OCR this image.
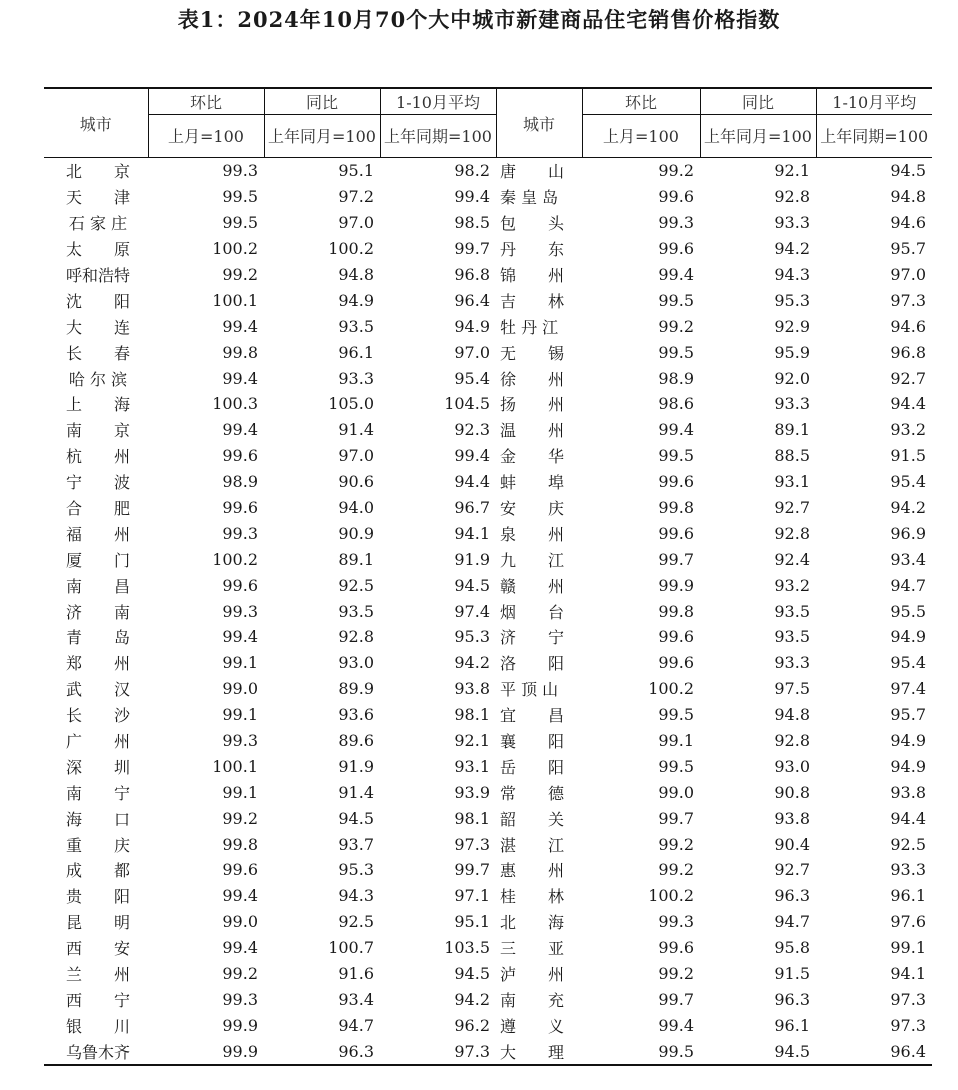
表1：2024年10月70个大中城市新建商品住宅销售价格指数
城市	环比	同比	1-10月平均	城市	环比	同比	1-10月平均
	上月=100	上年同月=100	上年同期=100		上月=100	上年同月=100	上年同期=100
北　　京	99.3	95.1	98.2	唐　　山	99.2	92.1	94.5
天　　津	99.5	97.2	99.4	秦 皇 岛	99.6	92.8	94.8
石 家 庄	99.5	97.0	98.5	包　　头	99.3	93.3	94.6
太　　原	100.2	100.2	99.7	丹　　东	99.6	94.2	95.7
呼和浩特	99.2	94.8	96.8	锦　　州	99.4	94.3	97.0
沈　　阳	100.1	94.9	96.4	吉　　林	99.5	95.3	97.3
大　　连	99.4	93.5	94.9	牡 丹 江	99.2	92.9	94.6
长　　春	99.8	96.1	97.0	无　　锡	99.5	95.9	96.8
哈 尔 滨	99.4	93.3	95.4	徐　　州	98.9	92.0	92.7
上　　海	100.3	105.0	104.5	扬　　州	98.6	93.3	94.4
南　　京	99.4	91.4	92.3	温　　州	99.4	89.1	93.2
杭　　州	99.6	97.0	99.4	金　　华	99.5	88.5	91.5
宁　　波	98.9	90.6	94.4	蚌　　埠	99.6	93.1	95.4
合　　肥	99.6	94.0	96.7	安　　庆	99.8	92.7	94.2
福　　州	99.3	90.9	94.1	泉　　州	99.6	92.8	96.9
厦　　门	100.2	89.1	91.9	九　　江	99.7	92.4	93.4
南　　昌	99.6	92.5	94.5	赣　　州	99.9	93.2	94.7
济　　南	99.3	93.5	97.4	烟　　台	99.8	93.5	95.5
青　　岛	99.4	92.8	95.3	济　　宁	99.6	93.5	94.9
郑　　州	99.1	93.0	94.2	洛　　阳	99.6	93.3	95.4
武　　汉	99.0	89.9	93.8	平 顶 山	100.2	97.5	97.4
长　　沙	99.1	93.6	98.1	宜　　昌	99.5	94.8	95.7
广　　州	99.3	89.6	92.1	襄　　阳	99.1	92.8	94.9
深　　圳	100.1	91.9	93.1	岳　　阳	99.5	93.0	94.9
南　　宁	99.1	91.4	93.9	常　　德	99.0	90.8	93.8
海　　口	99.2	94.5	98.1	韶　　关	99.7	93.8	94.4
重　　庆	99.8	93.7	97.3	湛　　江	99.2	90.4	92.5
成　　都	99.6	95.3	99.7	惠　　州	99.2	92.7	93.3
贵　　阳	99.4	94.3	97.1	桂　　林	100.2	96.3	96.1
昆　　明	99.0	92.5	95.1	北　　海	99.3	94.7	97.6
西　　安	99.4	100.7	103.5	三　　亚	99.6	95.8	99.1
兰　　州	99.2	91.6	94.5	泸　　州	99.2	91.5	94.1
西　　宁	99.3	93.4	94.2	南　　充	99.7	96.3	97.3
银　　川	99.9	94.7	96.2	遵　　义	99.4	96.1	97.3
乌鲁木齐	99.9	96.3	97.3	大　　理	99.5	94.5	96.4
